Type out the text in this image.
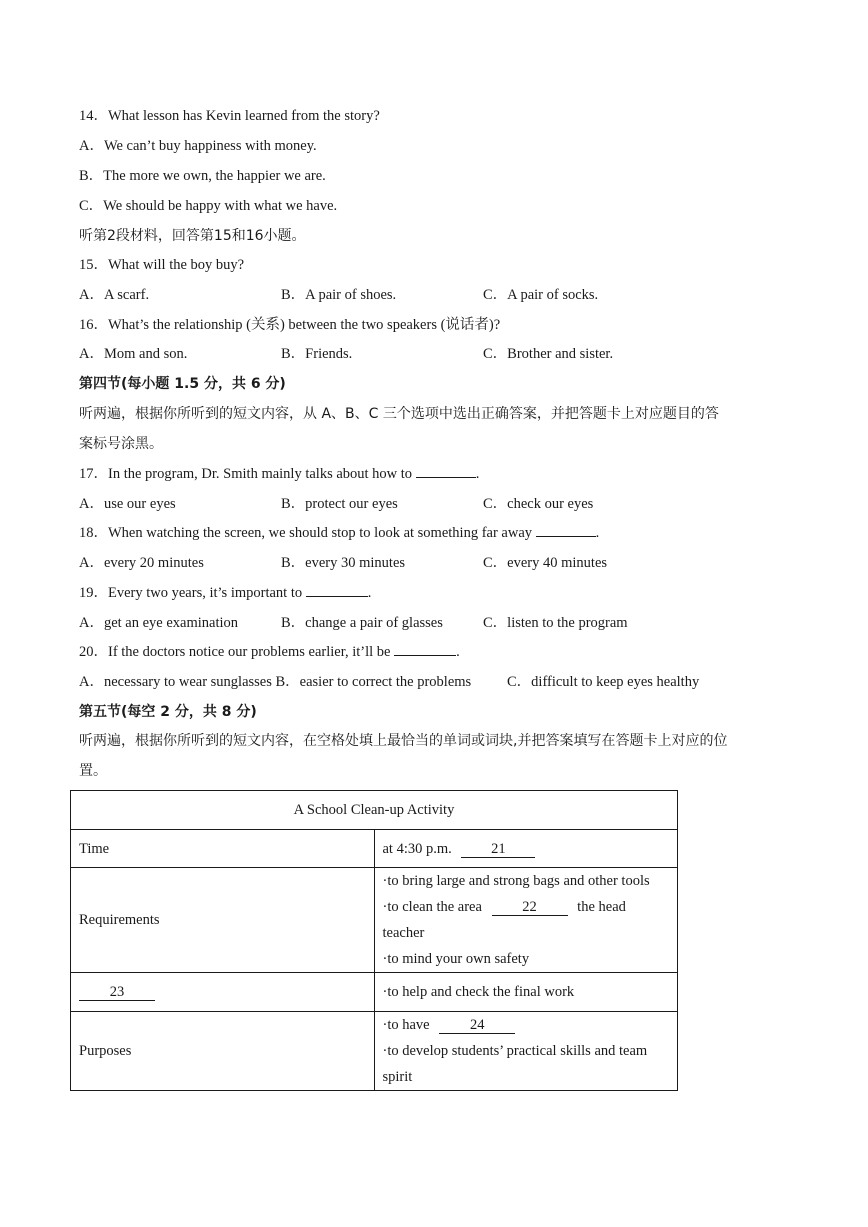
14．What lesson has Kevin learned from the story?
A．We can’t buy happiness with money.
B．The more we own, the happier we are.
C．We should be happy with what we have.
听第2段材料，回答第15和16小题。
15．What will the boy buy?
A．A scarf.	B．A pair of shoes.	C．A pair of socks.
16．What’s the relationship (关系) between the two speakers (说话者)?
A．Mom and son.	B．Friends.	C．Brother and sister.
第四节(每小题 1.5 分，共 6 分)
听两遍，根据你所听到的短文内容，从 A、B、C 三个选项中选出正确答案，并把答题卡上对应题目的答
案标号涂黑。
17．In the program, Dr. Smith mainly talks about how to	.
A．use our eyes	B．protect our eyes	C．check our eyes
18．When watching the screen, we should stop to look at something far away	.
A．every 20 minutes	B．every 30 minutes	C．every 40 minutes
19．Every two years, it’s important to	.
A．get an eye examination	B．change a pair of glasses	C．listen to the program
20．If the doctors notice our problems earlier, it’ll be	.
A．necessary to wear sunglasses B．easier to correct the problems C．difficult to keep eyes healthy
第五节(每空 2 分，共 8 分)
听两遍，根据你所听到的短文内容，在空格处填上最恰当的单词或词块,并把答案填写在答题卡上对应的位
置。
A School Clean-up Activity	
Time	at 4:30 p.m. 21
Requirements	·to bring large and strong bags and other tools
·to clean the area 22 the head teacher
·to mind your own safety

23	·to help and check the final work
Purposes	·to have 24
·to develop students’ practical skills and team spirit
